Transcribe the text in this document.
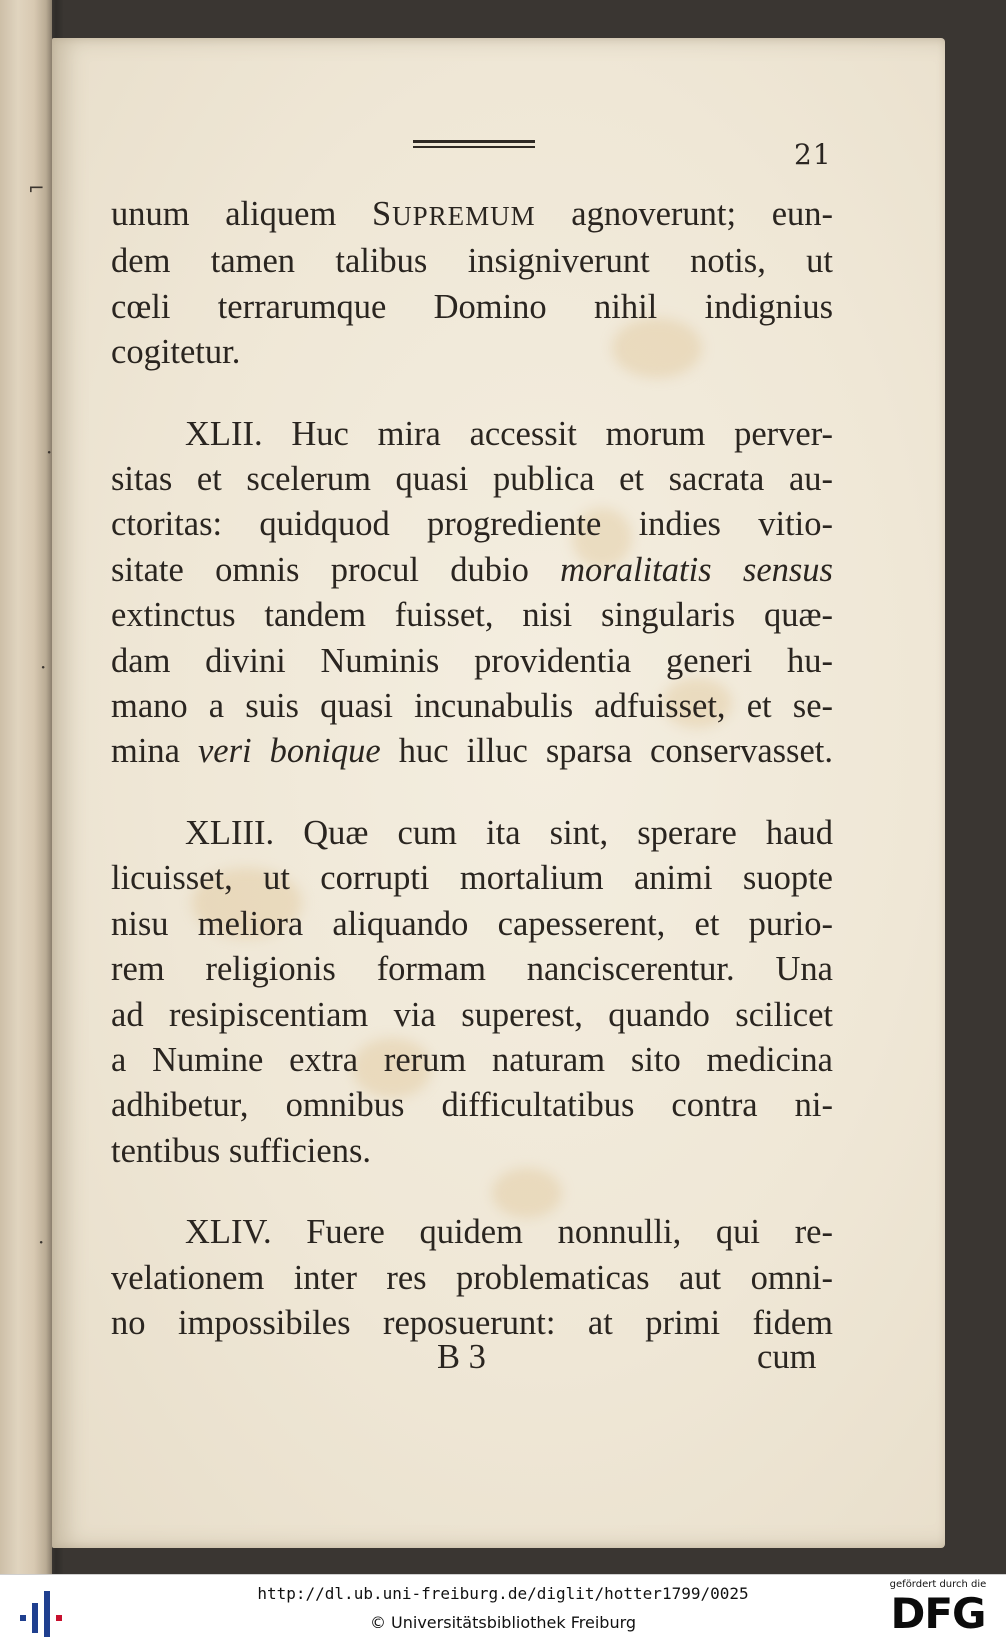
⌐
·
·
·
21

unum aliquem SUPREMUM agnoverunt; eun-
dem tamen talibus insigniverunt notis, ut
cœli terrarumque Domino nihil indignius
cogitetur.

XLII. Huc mira accessit morum perver-
sitas et scelerum quasi publica et sacrata au-
ctoritas: quidquod progrediente indies vitio-
sitate omnis procul dubio moralitatis sensus
extinctus tandem fuisset, nisi singularis quæ-
dam divini Numinis providentia generi hu-
mano a suis quasi incunabulis adfuisset, et se-
mina veri bonique huc illuc sparsa conservasset.

XLIII. Quæ cum ita sint, sperare haud
licuisset, ut corrupti mortalium animi suopte
nisu meliora aliquando capesserent, et purio-
rem religionis formam nanciscerentur. Una
ad resipiscentiam via superest, quando scilicet
a Numine extra rerum naturam sito medicina
adhibetur, omnibus difficultatibus contra ni-
tentibus sufficiens.

XLIV. Fuere quidem nonnulli, qui re-
velationem inter res problematicas aut omni-
no impossibiles reposuerunt: at primi fidem

B 3	cum
http://dl.ub.uni-freiburg.de/diglit/hotter1799/0025
© Universitätsbibliothek Freiburg
gefördert durch die
DFG
